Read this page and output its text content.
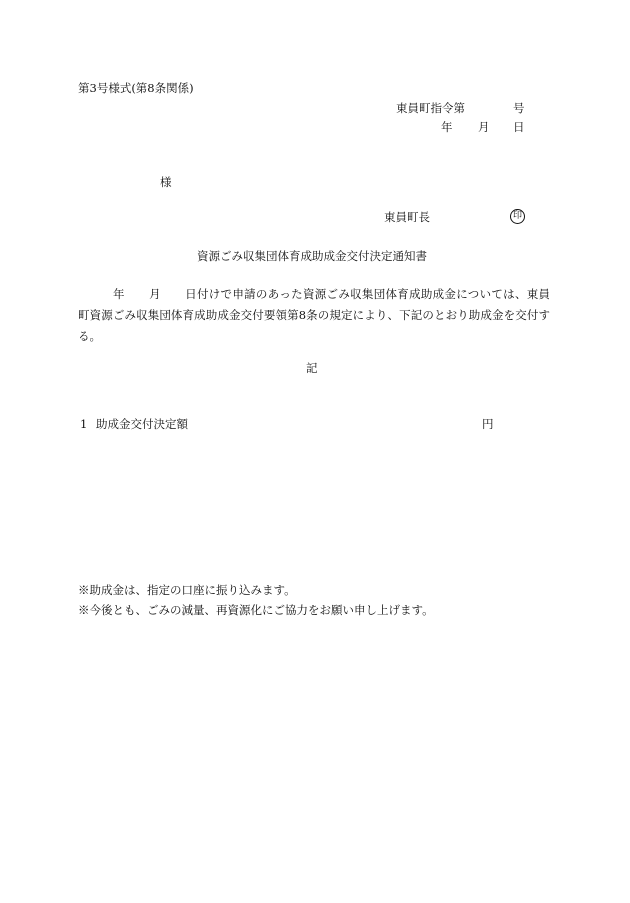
第3号様式(第8条関係)
東員町指令第	号
年 月 日
様
東員町長	印
資源ごみ収集団体育成助成金交付決定通知書
年 月 日付けで申請のあった資源ごみ収集団体育成助成金については、東員町資源ごみ収集団体育成助成金交付要領第8条の規定により、下記のとおり助成金を交付する。
記
1 助成金交付決定額	円
※助成金は、指定の口座に振り込みます。
※今後とも、ごみの減量、再資源化にご協力をお願い申し上げます。
